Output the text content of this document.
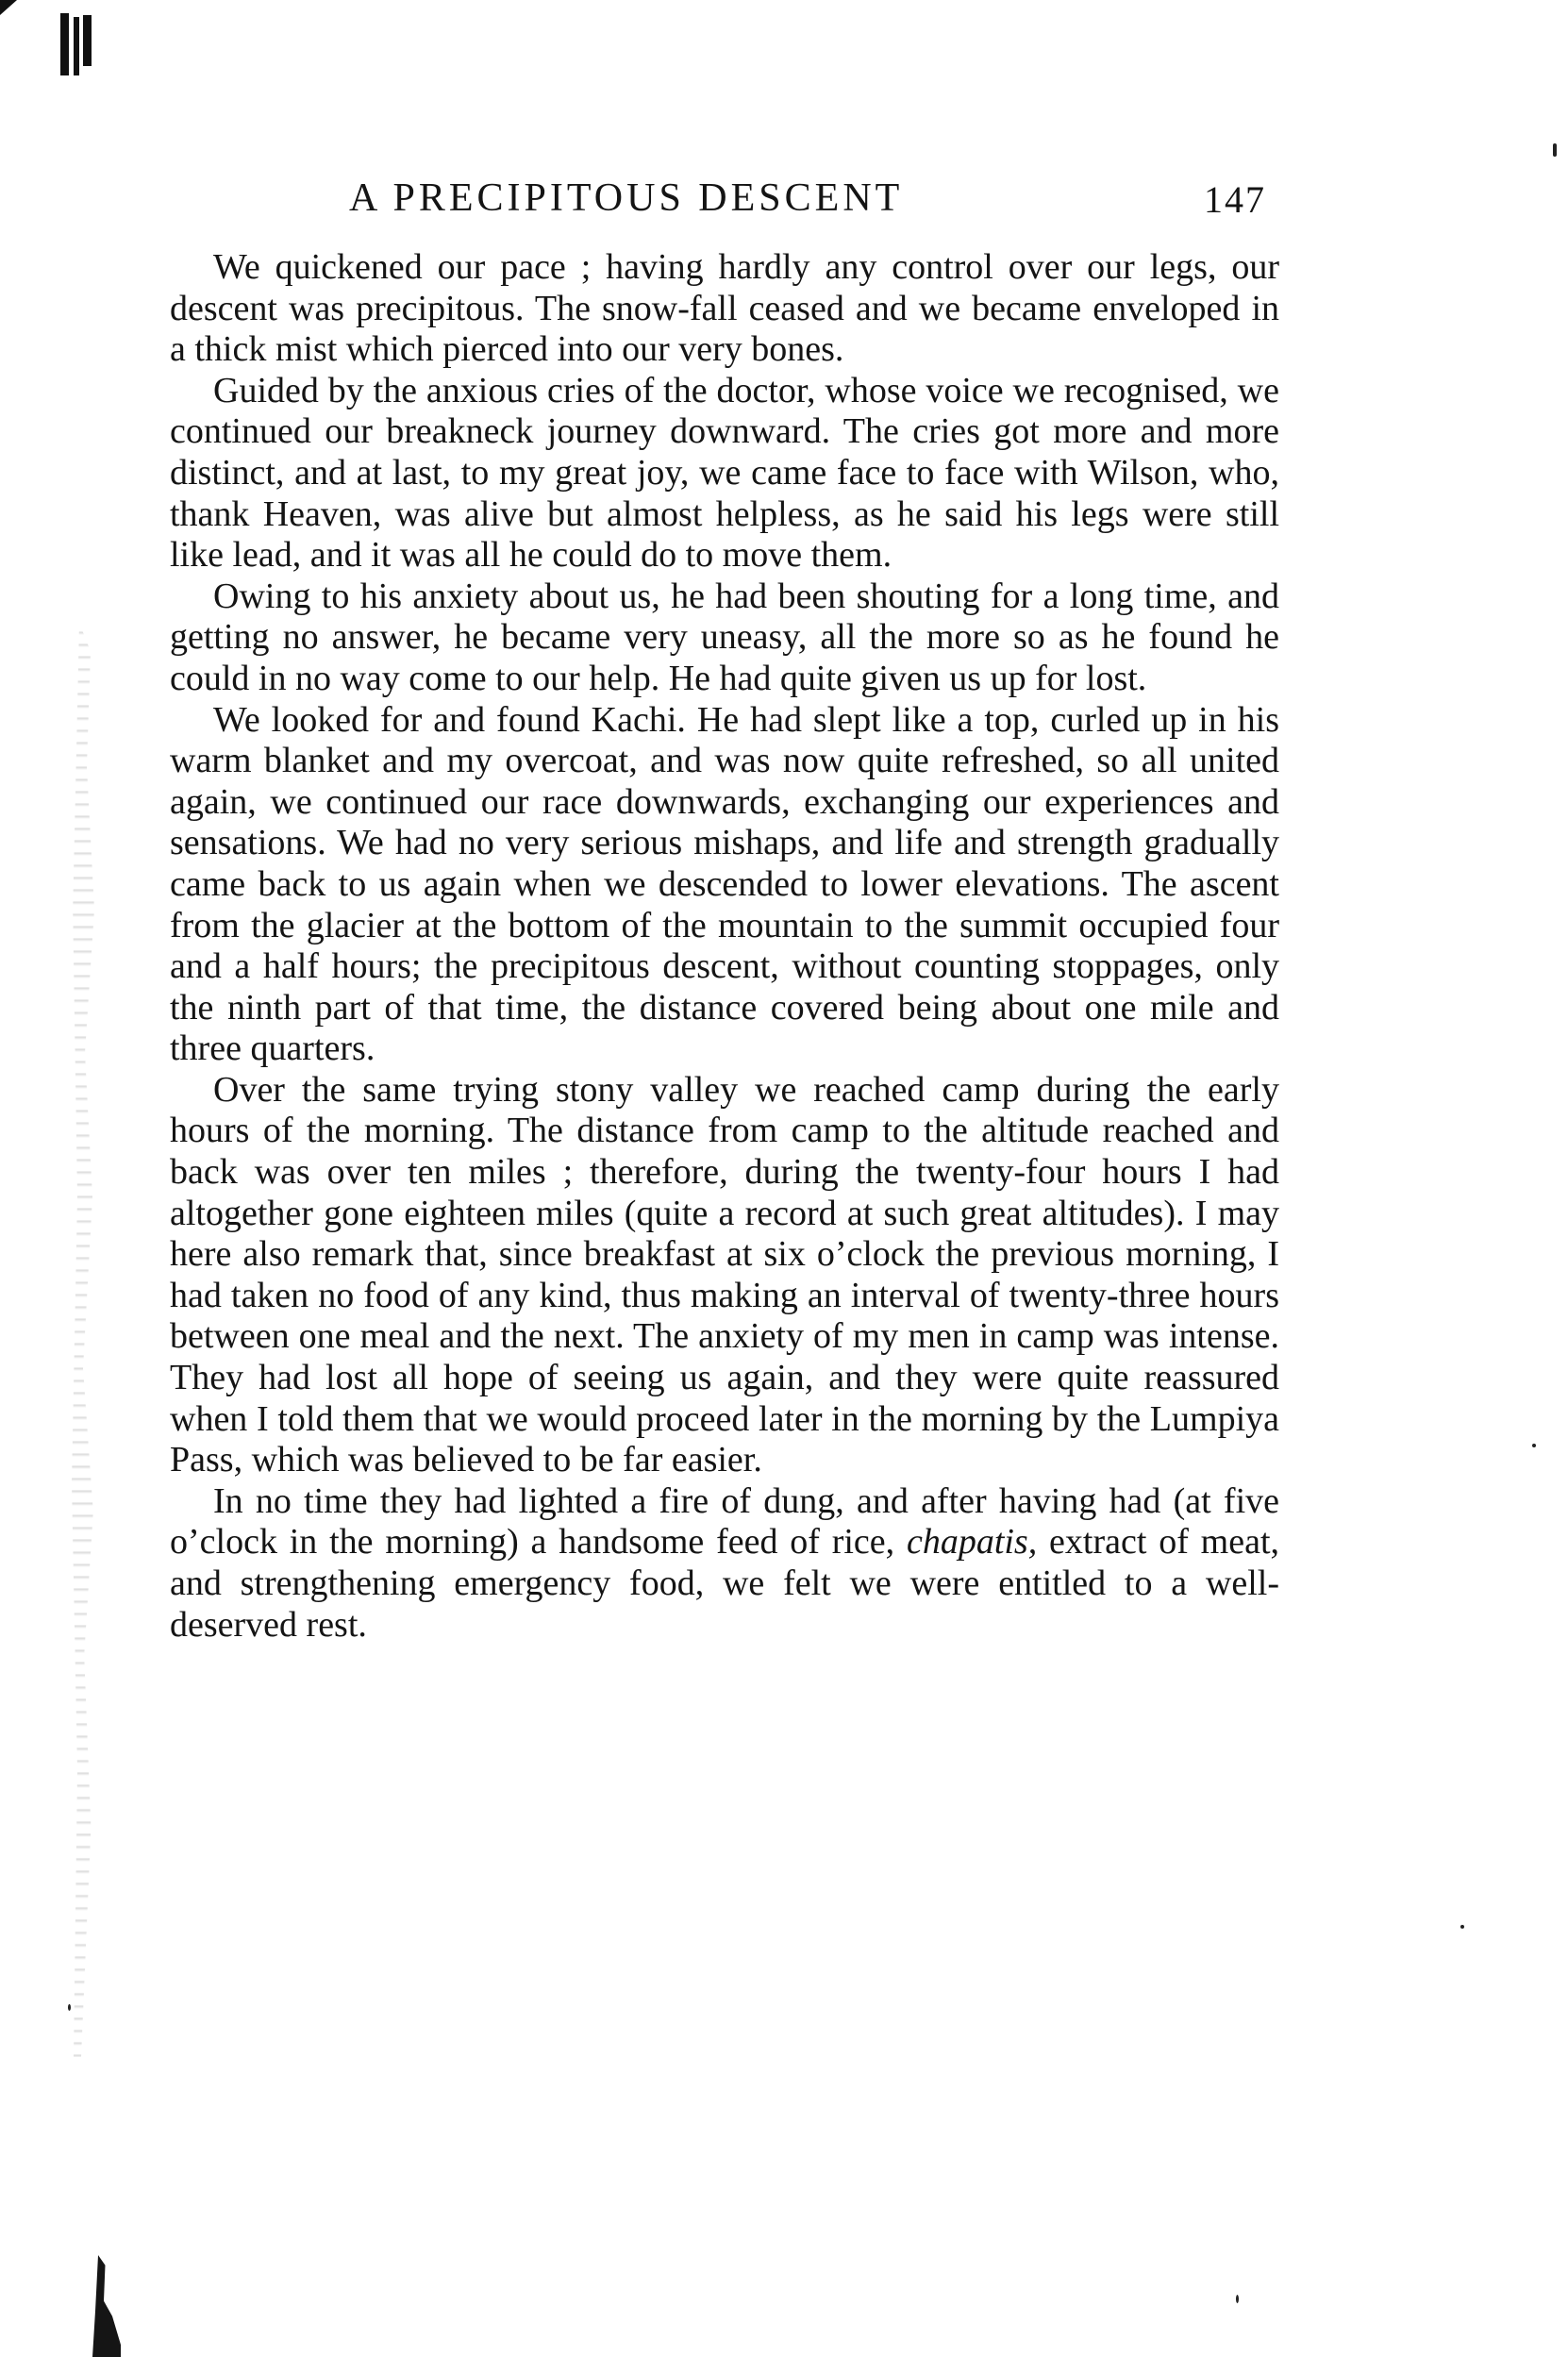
A PRECIPITOUS DESCENT	147

We quickened our pace ; having hardly any control over our legs, our descent was precipitous. The snow-fall ceased and we became enveloped in a thick mist which pierced into our very bones.

Guided by the anxious cries of the doctor, whose voice we recognised, we continued our breakneck journey downward. The cries got more and more distinct, and at last, to my great joy, we came face to face with Wilson, who, thank Heaven, was alive but almost helpless, as he said his legs were still like lead, and it was all he could do to move them.

Owing to his anxiety about us, he had been shouting for a long time, and getting no answer, he became very uneasy, all the more so as he found he could in no way come to our help. He had quite given us up for lost.

We looked for and found Kachi. He had slept like a top, curled up in his warm blanket and my overcoat, and was now quite refreshed, so all united again, we continued our race downwards, exchanging our experiences and sensations. We had no very serious mishaps, and life and strength gradually came back to us again when we descended to lower elevations. The ascent from the glacier at the bottom of the mountain to the summit occupied four and a half hours; the precipitous descent, without counting stoppages, only the ninth part of that time, the distance covered being about one mile and three quarters.

Over the same trying stony valley we reached camp during the early hours of the morning. The distance from camp to the altitude reached and back was over ten miles ; therefore, during the twenty-four hours I had altogether gone eighteen miles (quite a record at such great altitudes). I may here also remark that, since breakfast at six o’clock the previous morning, I had taken no food of any kind, thus making an interval of twenty-three hours between one meal and the next. The anxiety of my men in camp was intense. They had lost all hope of seeing us again, and they were quite reassured when I told them that we would proceed later in the morning by the Lumpiya Pass, which was believed to be far easier.

In no time they had lighted a fire of dung, and after having had (at five o’clock in the morning) a handsome feed of rice, chapatis, extract of meat, and strengthening emergency food, we felt we were entitled to a well-deserved rest.
